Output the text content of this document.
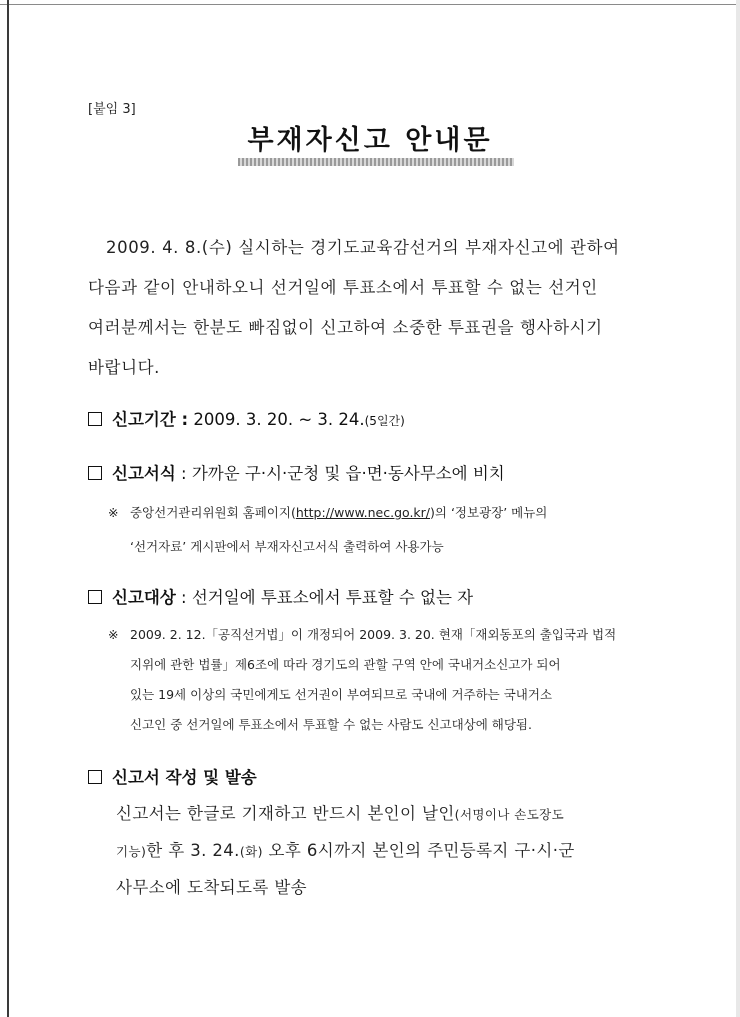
[붙임 3]
부재자신고 안내문
2009. 4. 8.(수) 실시하는 경기도교육감선거의 부재자신고에 관하여
다음과 같이 안내하오니 선거일에 투표소에서 투표할 수 없는 선거인
여러분께서는 한분도 빠짐없이 신고하여 소중한 투표권을 행사하시기
바랍니다.
신고기간 : 2009. 3. 20. ~ 3. 24.(5일간)
신고서식 : 가까운 구·시·군청 및 읍·면·동사무소에 비치
※ 중앙선거관리위원회 홈페이지(http://www.nec.go.kr/)의 ‘정보광장’ 메뉴의
‘선거자료’ 게시판에서 부재자신고서식 출력하여 사용가능
신고대상 : 선거일에 투표소에서 투표할 수 없는 자
※ 2009. 2. 12.「공직선거법」이 개정되어 2009. 3. 20. 현재「재외동포의 출입국과 법적
지위에 관한 법률」제6조에 따라 경기도의 관할 구역 안에 국내거소신고가 되어
있는 19세 이상의 국민에게도 선거권이 부여되므로 국내에 거주하는 국내거소
신고인 중 선거일에 투표소에서 투표할 수 없는 사람도 신고대상에 해당됨.
신고서 작성 및 발송
신고서는 한글로 기재하고 반드시 본인이 날인(서명이나 손도장도
기능)한 후 3. 24.(화) 오후 6시까지 본인의 주민등록지 구·시·군
사무소에 도착되도록 발송
